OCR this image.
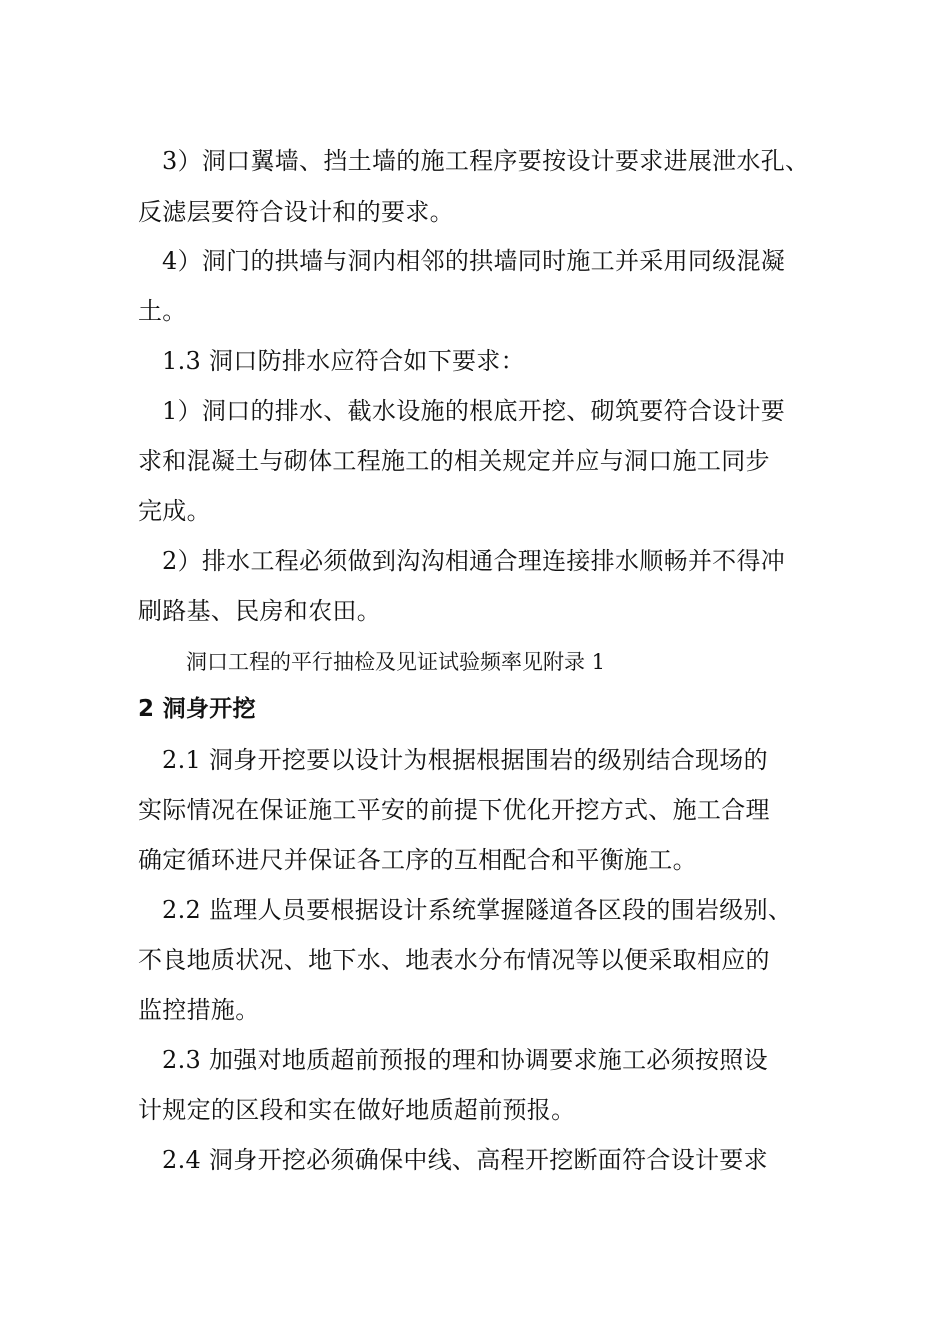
3）洞口翼墙、挡土墙的施工程序要按设计要求进展泄水孔、
反滤层要符合设计和的要求。
4）洞门的拱墙与洞内相邻的拱墙同时施工并采用同级混凝
土。
1.3 洞口防排水应符合如下要求：
1）洞口的排水、截水设施的根底开挖、砌筑要符合设计要
求和混凝土与砌体工程施工的相关规定并应与洞口施工同步
完成。
2）排水工程必须做到沟沟相通合理连接排水顺畅并不得冲
刷路基、民房和农田。
洞口工程的平行抽检及见证试验频率见附录 1
2 洞身开挖
2.1 洞身开挖要以设计为根据根据围岩的级别结合现场的
实际情况在保证施工平安的前提下优化开挖方式、施工合理
确定循环进尺并保证各工序的互相配合和平衡施工。
2.2 监理人员要根据设计系统掌握隧道各区段的围岩级别、
不良地质状况、地下水、地表水分布情况等以便采取相应的
监控措施。
2.3 加强对地质超前预报的理和协调要求施工必须按照设
计规定的区段和实在做好地质超前预报。
2.4 洞身开挖必须确保中线、高程开挖断面符合设计要求
